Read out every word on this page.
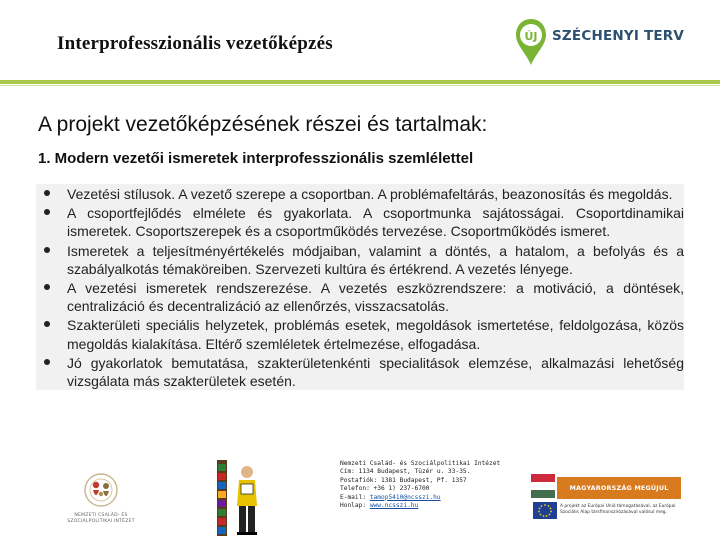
Interprofesszionális vezetőképzés	ÚJ SZÉCHENYI TERV
A projekt vezetőképzésének részei és tartalmak:
1. Modern vezetői ismeretek interprofesszionális szemlélettel
Vezetési stílusok. A vezető szerepe a csoportban. A problémafeltárás, beazonosítás és megoldás.
A csoportfejlődés elmélete és gyakorlata. A csoportmunka sajátosságai. Csoportdinamikai ismeretek. Csoportszerepek és a csoportműködés tervezése. Csoportműködés ismeret.
Ismeretek a teljesítményértékelés módjaiban, valamint a döntés, a hatalom, a befolyás és a szabályalkotás témaköreiben. Szervezeti kultúra és értékrend. A vezetés lényege.
A vezetési ismeretek rendszerezése. A vezetés eszközrendszere: a motiváció, a döntések, centralizáció és decentralizáció az ellenőrzés, visszacsatolás.
Szakterületi speciális helyzetek, problémás esetek, megoldások ismertetése, feldolgozása, közös megoldás kialakítása. Eltérő szemléletek értelmezése, elfogadása.
Jó gyakorlatok bemutatása, szakterületenkénti specialitások elemzése, alkalmazási lehetőség vizsgálata más szakterületek esetén.
NEMZETI CSALÁD- ÉS
SZOCIÁLPOLITIKAI INTÉZET
Nemzeti Család- és Szociálpolitikai Intézet
Cím: 1134 Budapest, Tüzér u. 33-35.
Postafiók: 1381 Budapest, Pf. 1357
Telefon: +36 1) 237-6700
E-mail: tamop5410@ncsszi.hu
Honlap: www.ncsszi.hu
MAGYARORSZÁG MEGÚJUL
A projekt az Európai Unió támogatásával, az Európai Szociális Alap társfinanszírozásával valósul meg.
